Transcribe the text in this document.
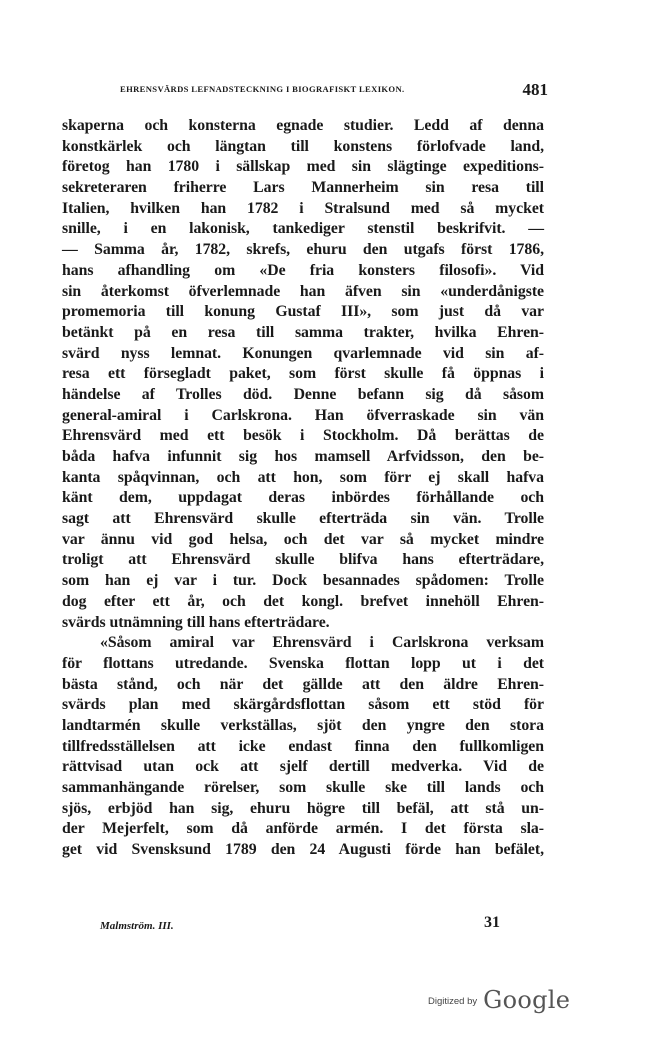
EHRENSVÄRDS LEFNADSTECKNING I BIOGRAFISKT LEXIKON.	481
skaperna och konsterna egnade studier. Ledd af denna
konstkärlek och längtan till konstens förlofvade land,
företog han 1780 i sällskap med sin slägtinge expeditions-
sekreteraren friherre Lars Mannerheim sin resa till
Italien, hvilken han 1782 i Stralsund med så mycket
snille, i en lakonisk, tankediger stenstil beskrifvit. —
— Samma år, 1782, skrefs, ehuru den utgafs först 1786,
hans afhandling om «De fria konsters filosofi». Vid
sin återkomst öfverlemnade han äfven sin «underdånigste
promemoria till konung Gustaf III», som just då var
betänkt på en resa till samma trakter, hvilka Ehren-
svärd nyss lemnat. Konungen qvarlemnade vid sin af-
resa ett försegladt paket, som först skulle få öppnas i
händelse af Trolles död. Denne befann sig då såsom
general-amiral i Carlskrona. Han öfverraskade sin vän
Ehrensvärd med ett besök i Stockholm. Då berättas de
båda hafva infunnit sig hos mamsell Arfvidsson, den be-
kanta spåqvinnan, och att hon, som förr ej skall hafva
känt dem, uppdagat deras inbördes förhållande och
sagt att Ehrensvärd skulle efterträda sin vän. Trolle
var ännu vid god helsa, och det var så mycket mindre
troligt att Ehrensvärd skulle blifva hans efterträdare,
som han ej var i tur. Dock besannades spådomen: Trolle
dog efter ett år, och det kongl. brefvet innehöll Ehren-
svärds utnämning till hans efterträdare.
«Såsom amiral var Ehrensvärd i Carlskrona verksam
för flottans utredande. Svenska flottan lopp ut i det
bästa stånd, och när det gällde att den äldre Ehren-
svärds plan med skärgårdsflottan såsom ett stöd för
landtarmén skulle verkställas, sjöt den yngre den stora
tillfredsställelsen att icke endast finna den fullkomligen
rättvisad utan ock att sjelf dertill medverka. Vid de
sammanhängande rörelser, som skulle ske till lands och
sjös, erbjöd han sig, ehuru högre till befäl, att stå un-
der Mejerfelt, som då anförde armén. I det första sla-
get vid Svensksund 1789 den 24 Augusti förde han befälet,
Malmström. III.	31
$^{Digitized by}$ Google
